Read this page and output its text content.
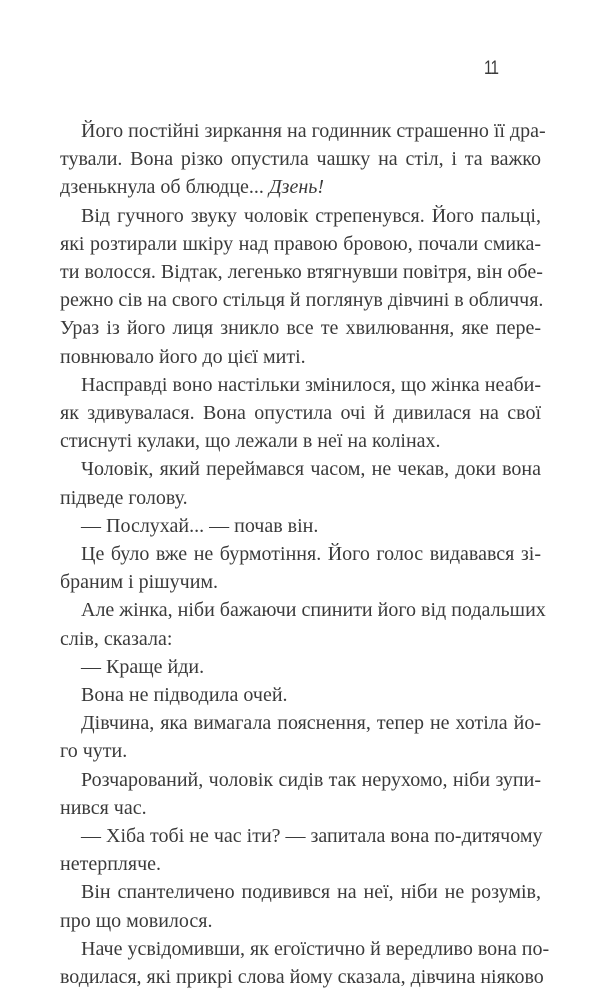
11

Його постійні зиркання на годинник страшенно її дра-
тували. Вона різко опустила чашку на стіл, і та важко
дзенькнула об блюдце... Дзень!

Від гучного звуку чоловік стрепенувся. Його пальці,
які розтирали шкіру над правою бровою, почали смика-
ти волосся. Відтак, легенько втягнувши повітря, він обе-
режно сів на свого стільця й поглянув дівчині в обличчя.
Ураз із його лиця зникло все те хвилювання, яке пере-
повнювало його до цієї миті.

Насправді воно настільки змінилося, що жінка неаби-
як здивувалася. Вона опустила очі й дивилася на свої
стиснуті кулаки, що лежали в неї на колінах.

Чоловік, який переймався часом, не чекав, доки вона
підведе голову.

— Послухай... — почав він.

Це було вже не бурмотіння. Його голос видавався зі-
браним і рішучим.

Але жінка, ніби бажаючи спинити його від подальших
слів, сказала:

— Краще йди.

Вона не підводила очей.

Дівчина, яка вимагала пояснення, тепер не хотіла йо-
го чути.

Розчарований, чоловік сидів так нерухомо, ніби зупи-
нився час.

— Хіба тобі не час іти? — запитала вона по-дитячому
нетерпляче.

Він спантеличено подивився на неї, ніби не розумів,
про що мовилося.

Наче усвідомивши, як егоїстично й вередливо вона по-
водилася, які прикрі слова йому сказала, дівчина ніяково
